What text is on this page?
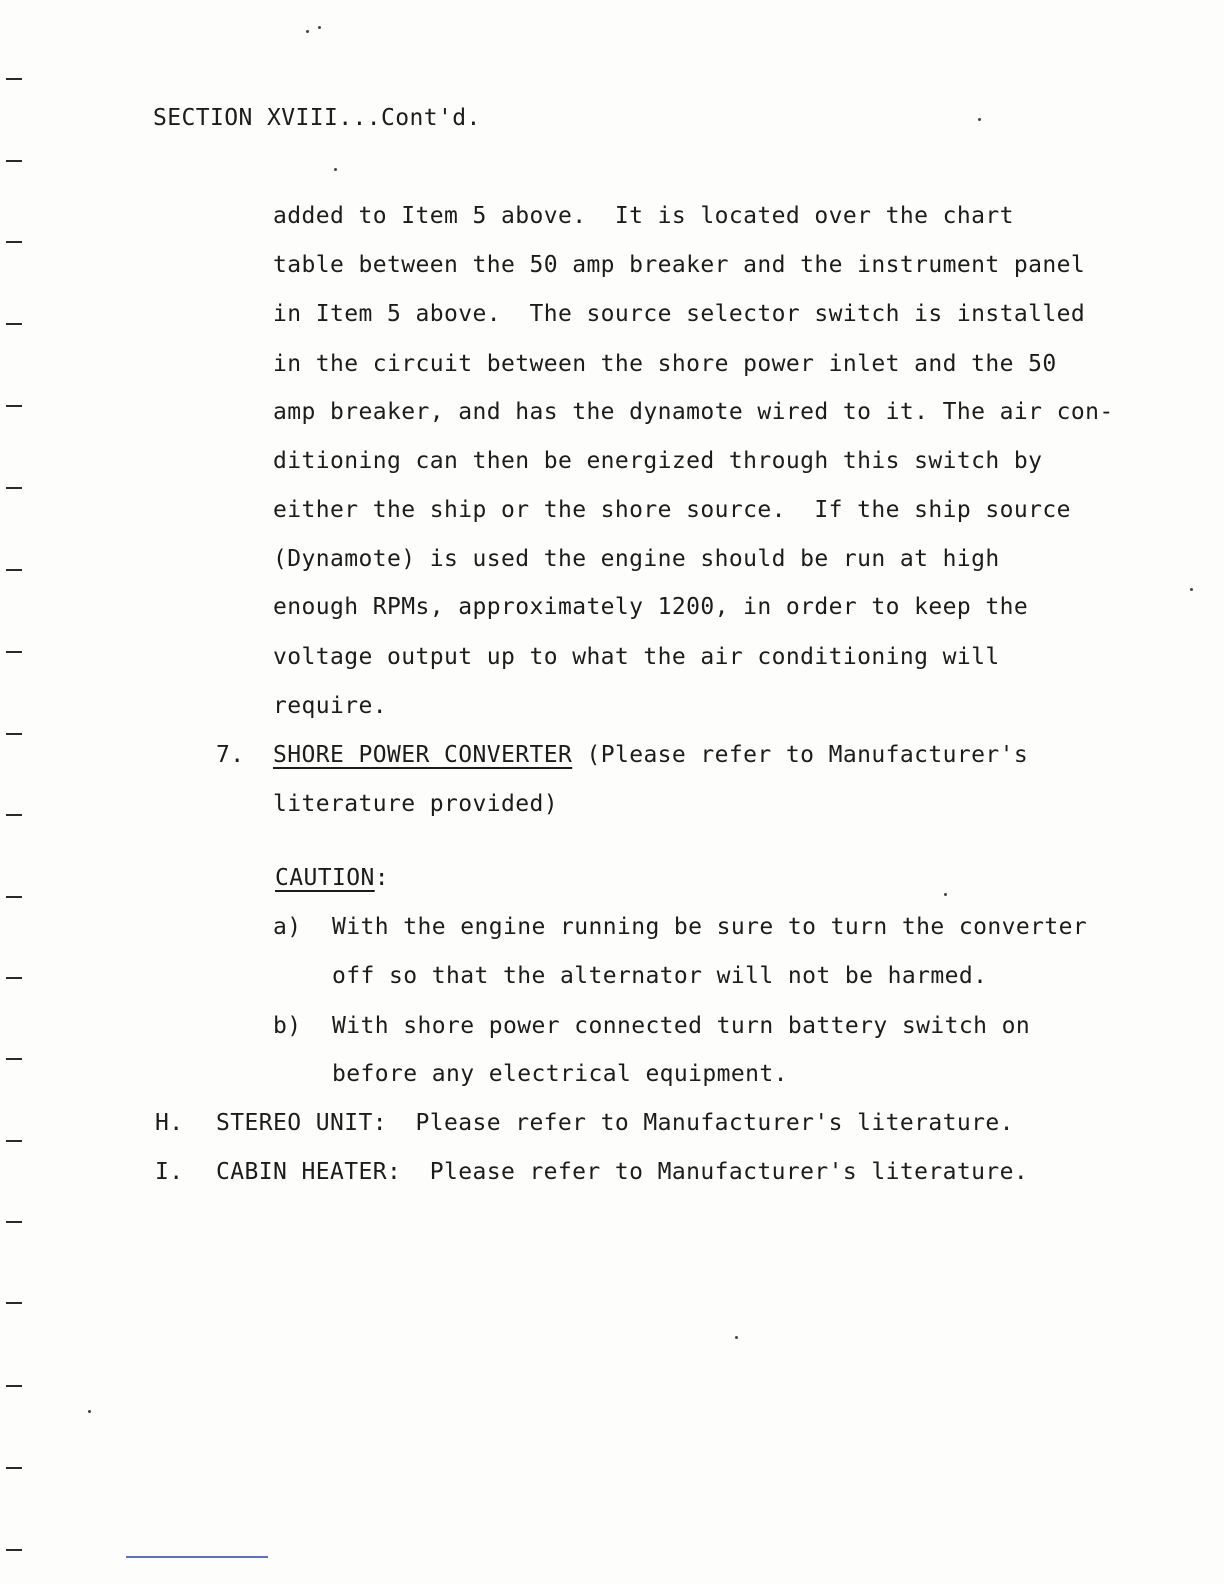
SECTION XVIII...Cont'd.
added to Item 5 above.  It is located over the chart
table between the 50 amp breaker and the instrument panel
in Item 5 above.  The source selector switch is installed
in the circuit between the shore power inlet and the 50
amp breaker, and has the dynamote wired to it. The air con-
ditioning can then be energized through this switch by
either the ship or the shore source.  If the ship source
(Dynamote) is used the engine should be run at high
enough RPMs, approximately 1200, in order to keep the
voltage output up to what the air conditioning will
require.
7. SHORE POWER CONVERTER (Please refer to Manufacturer's
literature provided)
CAUTION:
a) With the engine running be sure to turn the converter
off so that the alternator will not be harmed.
b) With shore power connected turn battery switch on
before any electrical equipment.
H. STEREO UNIT:  Please refer to Manufacturer's literature.
I. CABIN HEATER:  Please refer to Manufacturer's literature.
